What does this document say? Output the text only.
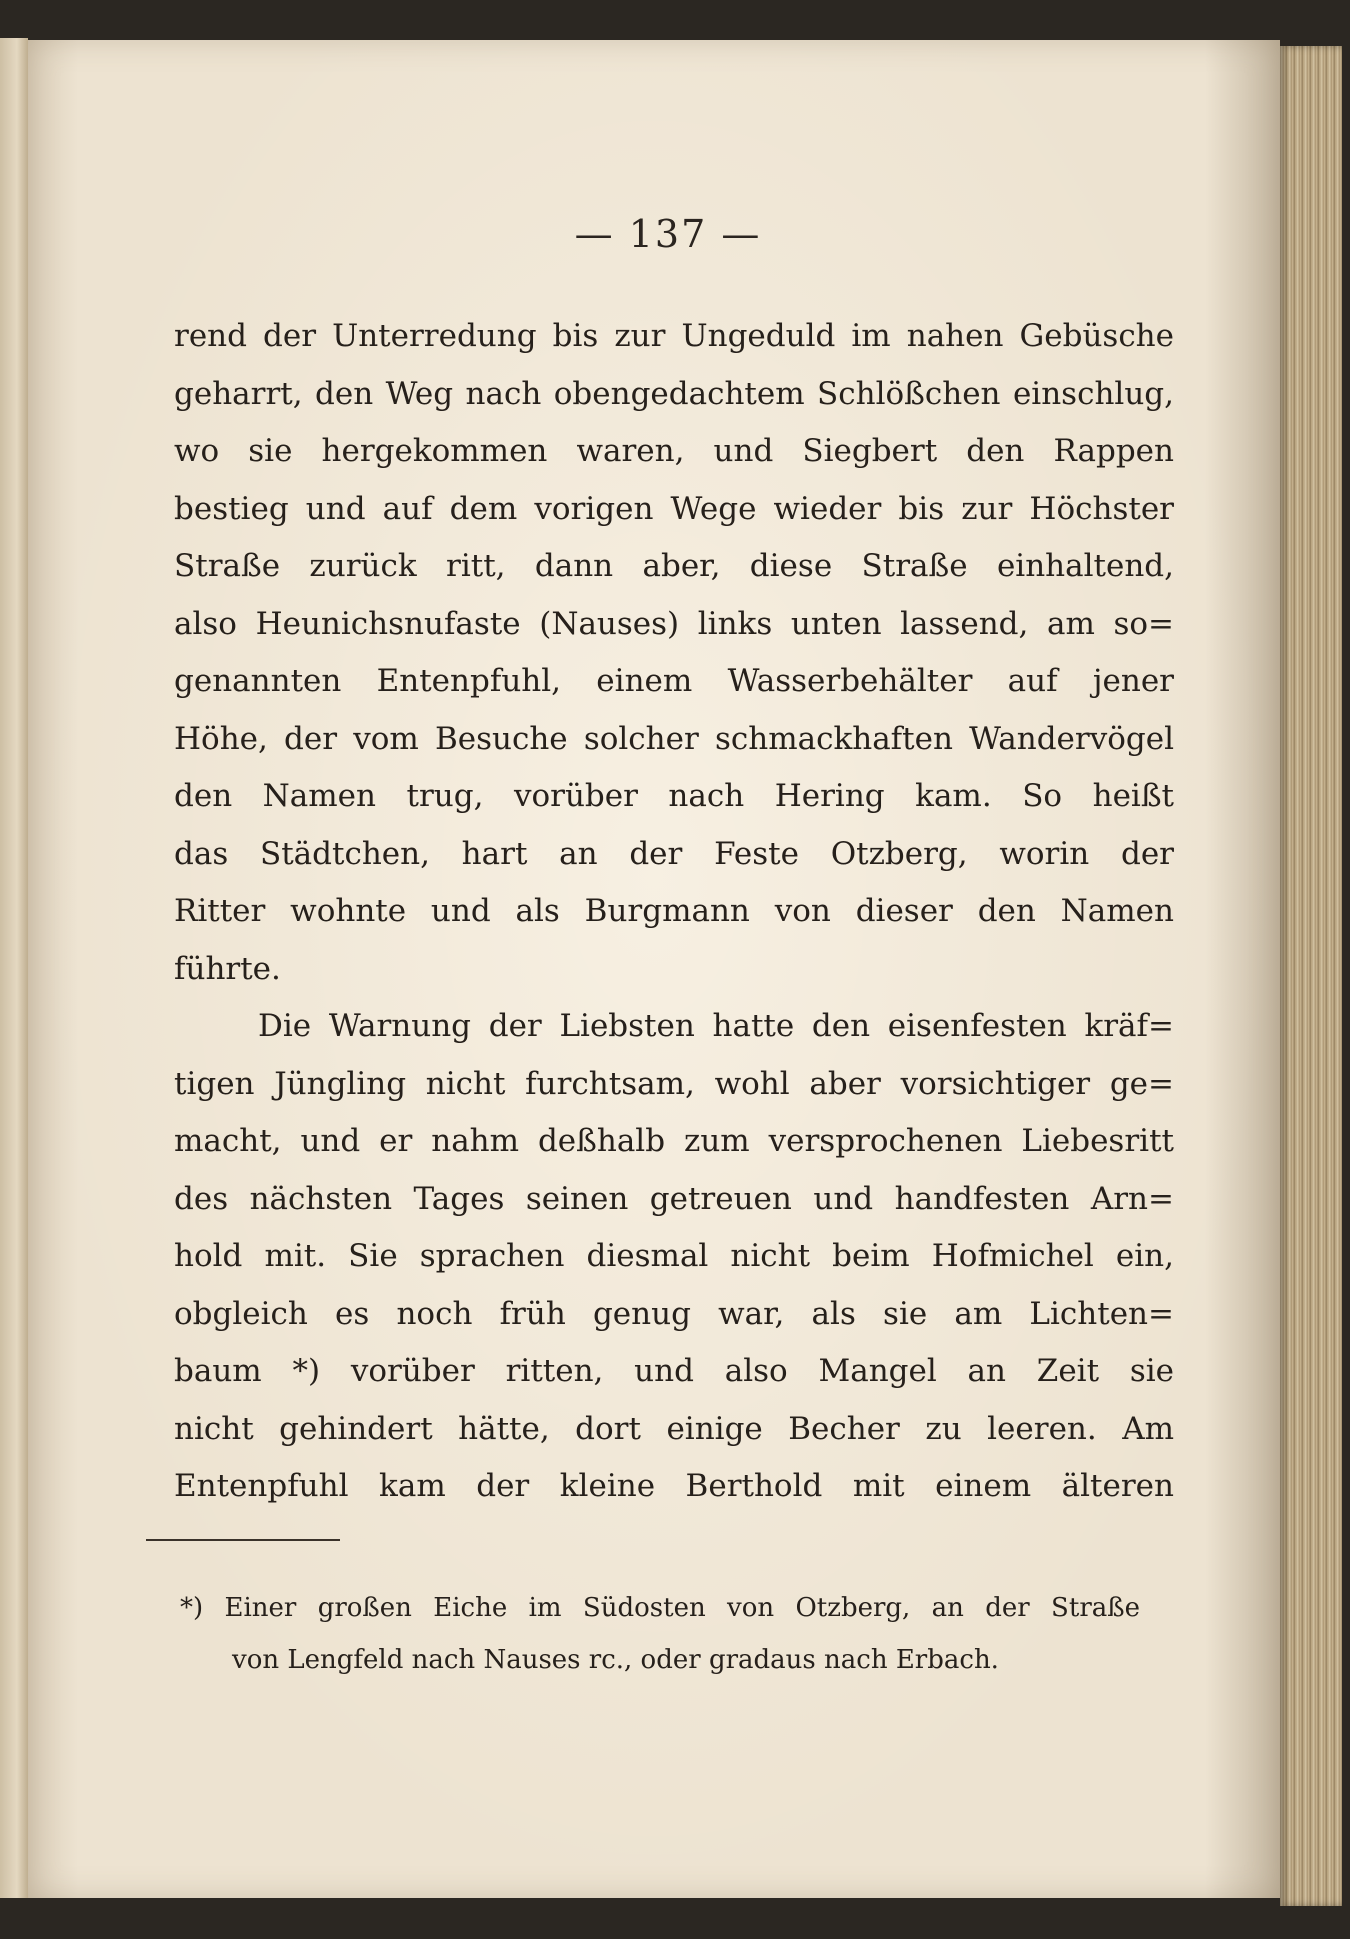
— 137 —
rend der Unterredung bis zur Ungeduld im nahen Gebüsche
geharrt, den Weg nach obengedachtem Schlößchen einschlug,
wo sie hergekommen waren, und Siegbert den Rappen
bestieg und auf dem vorigen Wege wieder bis zur Höchster
Straße zurück ritt, dann aber, diese Straße einhaltend,
also Heunichsnufaste (Nauses) links unten lassend, am so=
genannten Entenpfuhl, einem Wasserbehälter auf jener
Höhe, der vom Besuche solcher schmackhaften Wandervögel
den Namen trug, vorüber nach Hering kam. So heißt
das Städtchen, hart an der Feste Otzberg, worin der
Ritter wohnte und als Burgmann von dieser den Namen
führte.
Die Warnung der Liebsten hatte den eisenfesten kräf=
tigen Jüngling nicht furchtsam, wohl aber vorsichtiger ge=
macht, und er nahm deßhalb zum versprochenen Liebesritt
des nächsten Tages seinen getreuen und handfesten Arn=
hold mit. Sie sprachen diesmal nicht beim Hofmichel ein,
obgleich es noch früh genug war, als sie am Lichten=
baum *) vorüber ritten, und also Mangel an Zeit sie
nicht gehindert hätte, dort einige Becher zu leeren. Am
Entenpfuhl kam der kleine Berthold mit einem älteren
*) Einer großen Eiche im Südosten von Otzberg, an der Straße
von Lengfeld nach Nauses rc., oder gradaus nach Erbach.
